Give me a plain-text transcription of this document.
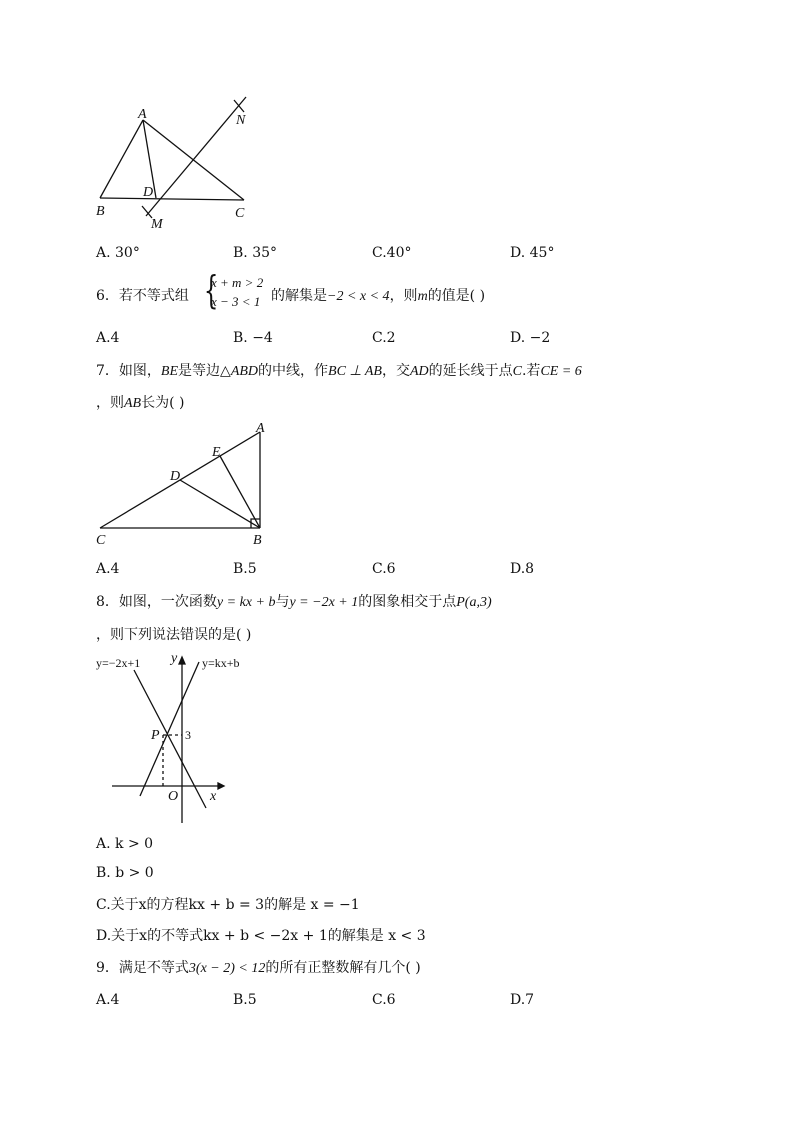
A	N
D
B	C
M
A. 30°	B. 35°	C.40°	D. 45°
6．若不等式组 {
x + m > 2
x − 3 < 1 的解集是−2 < x < 4，则m的值是( )
A.4	B. −4	C.2	D. −2
7．如图，BE是等边△ABD的中线，作BC ⊥ AB，交AD的延长线于点C.若CE = 6
，则AB长为( )
A
E
D
C	B
A.4	B.5	C.6	D.8
8．如图，一次函数y = kx + b与y = −2x + 1的图象相交于点P(a,3)
，则下列说法错误的是( )
y=−2x+1	y=kx+b
y
x
O
P 3
A. k > 0
B. b > 0
C.关于x的方程kx + b = 3的解是 x = −1
D.关于x的不等式kx + b < −2x + 1的解集是 x < 3
9．满足不等式3(x − 2) < 12的所有正整数解有几个( )
A.4	B.5	C.6	D.7
